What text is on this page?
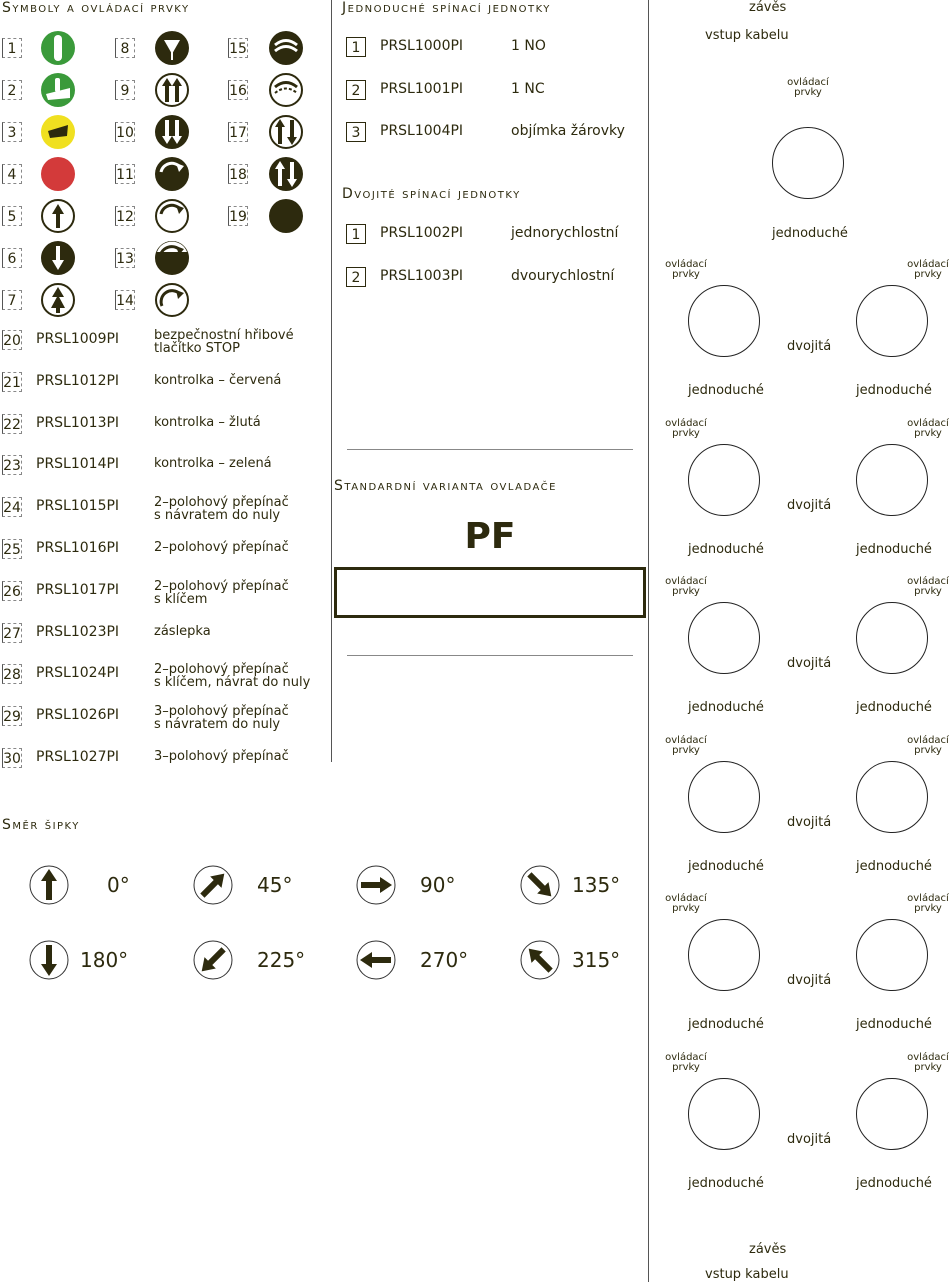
Symboly a ovládací prvky
1
2
3
4
5
6
7
8
9
10
11
12
13
14
15
16
17
18
19
20 PRSL1009PI	bezpečnostní hřibové
tlačítko STOP
21 PRSL1012PI	kontrolka – červená
22 PRSL1013PI	kontrolka – žlutá
23 PRSL1014PI	kontrolka – zelená
24 PRSL1015PI	2–polohový přepínač
s návratem do nuly
25 PRSL1016PI	2–polohový přepínač
26 PRSL1017PI	2–polohový přepínač
s klíčem
27 PRSL1023PI	záslepka
28 PRSL1024PI	2–polohový přepínač
s klíčem, návrat do nuly
29 PRSL1026PI	3–polohový přepínač
s návratem do nuly
30 PRSL1027PI	3–polohový přepínač
Jednoduché spínací jednotky
1	PRSL1000PI	1 NO
2	PRSL1001PI	1 NC
3	PRSL1004PI	objímka žárovky
Dvojité spínací jednotky
1	PRSL1002PI	jednorychlostní
2	PRSL1003PI	dvourychlostní
Standardní varianta ovladače
PF
Směr šipky
0°	45°	90°	135°
180°	225°	270°	315°
závěs
vstup kabelu
ovládací
prvky
jednoduché
ovládací
prvky
ovládací
prvky
dvojitá
jednoduché	jednoduché
ovládací
prvky
ovládací
prvky
dvojitá
jednoduché	jednoduché
ovládací
prvky
ovládací
prvky
dvojitá
jednoduché	jednoduché
ovládací
prvky
ovládací
prvky
dvojitá
jednoduché	jednoduché
ovládací
prvky
ovládací
prvky
dvojitá
jednoduché	jednoduché
ovládací
prvky
ovládací
prvky
dvojitá
jednoduché	jednoduché
závěs
vstup kabelu
